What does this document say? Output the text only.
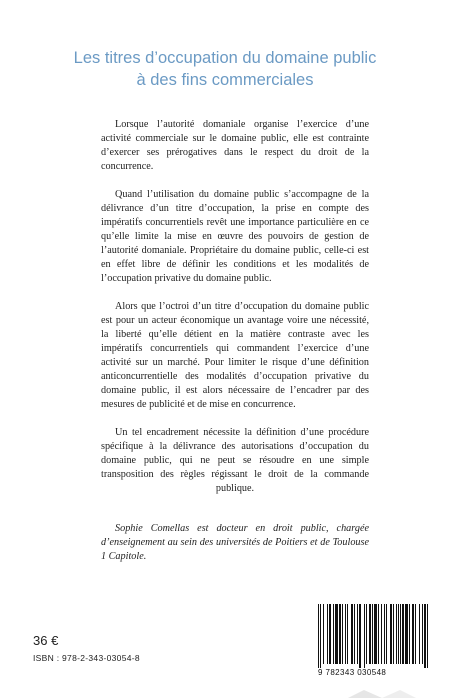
Les titres d’occupation du domaine public
à des fins commerciales

Lorsque l’autorité domaniale organise l’exercice d’une activité commerciale sur le domaine public, elle est contrainte d’exercer ses prérogatives dans le respect du droit de la concurrence.

Quand l’utilisation du domaine public s’accompagne de la délivrance d’un titre d’occupation, la prise en compte des impératifs concurrentiels revêt une importance particulière en ce qu’elle limite la mise en œuvre des pouvoirs de gestion de l’autorité domaniale. Propriétaire du domaine public, celle-ci est en effet libre de définir les conditions et les modalités de l’occupation privative du domaine public.

Alors que l’octroi d’un titre d’occupation du domaine public est pour un acteur économique un avantage voire une nécessité, la liberté qu’elle détient en la matière contraste avec les impératifs concurrentiels qui commandent l’exercice d’une activité sur un marché. Pour limiter le risque d’une définition anticoncurrentielle des modalités d’occupation privative du domaine public, il est alors nécessaire de l’encadrer par des mesures de publicité et de mise en concurrence.

Un tel encadrement nécessite la définition d’une procédure spécifique à la délivrance des autorisations d’occupation du domaine public, qui ne peut se résoudre en une simple transposition des règles régissant le droit de la commande publique.

Sophie Comellas est docteur en droit public, chargée d’enseignement au sein des universités de Poitiers et de Toulouse 1 Capitole.

36 €
ISBN : 978-2-343-03054-8
9 782343 030548
